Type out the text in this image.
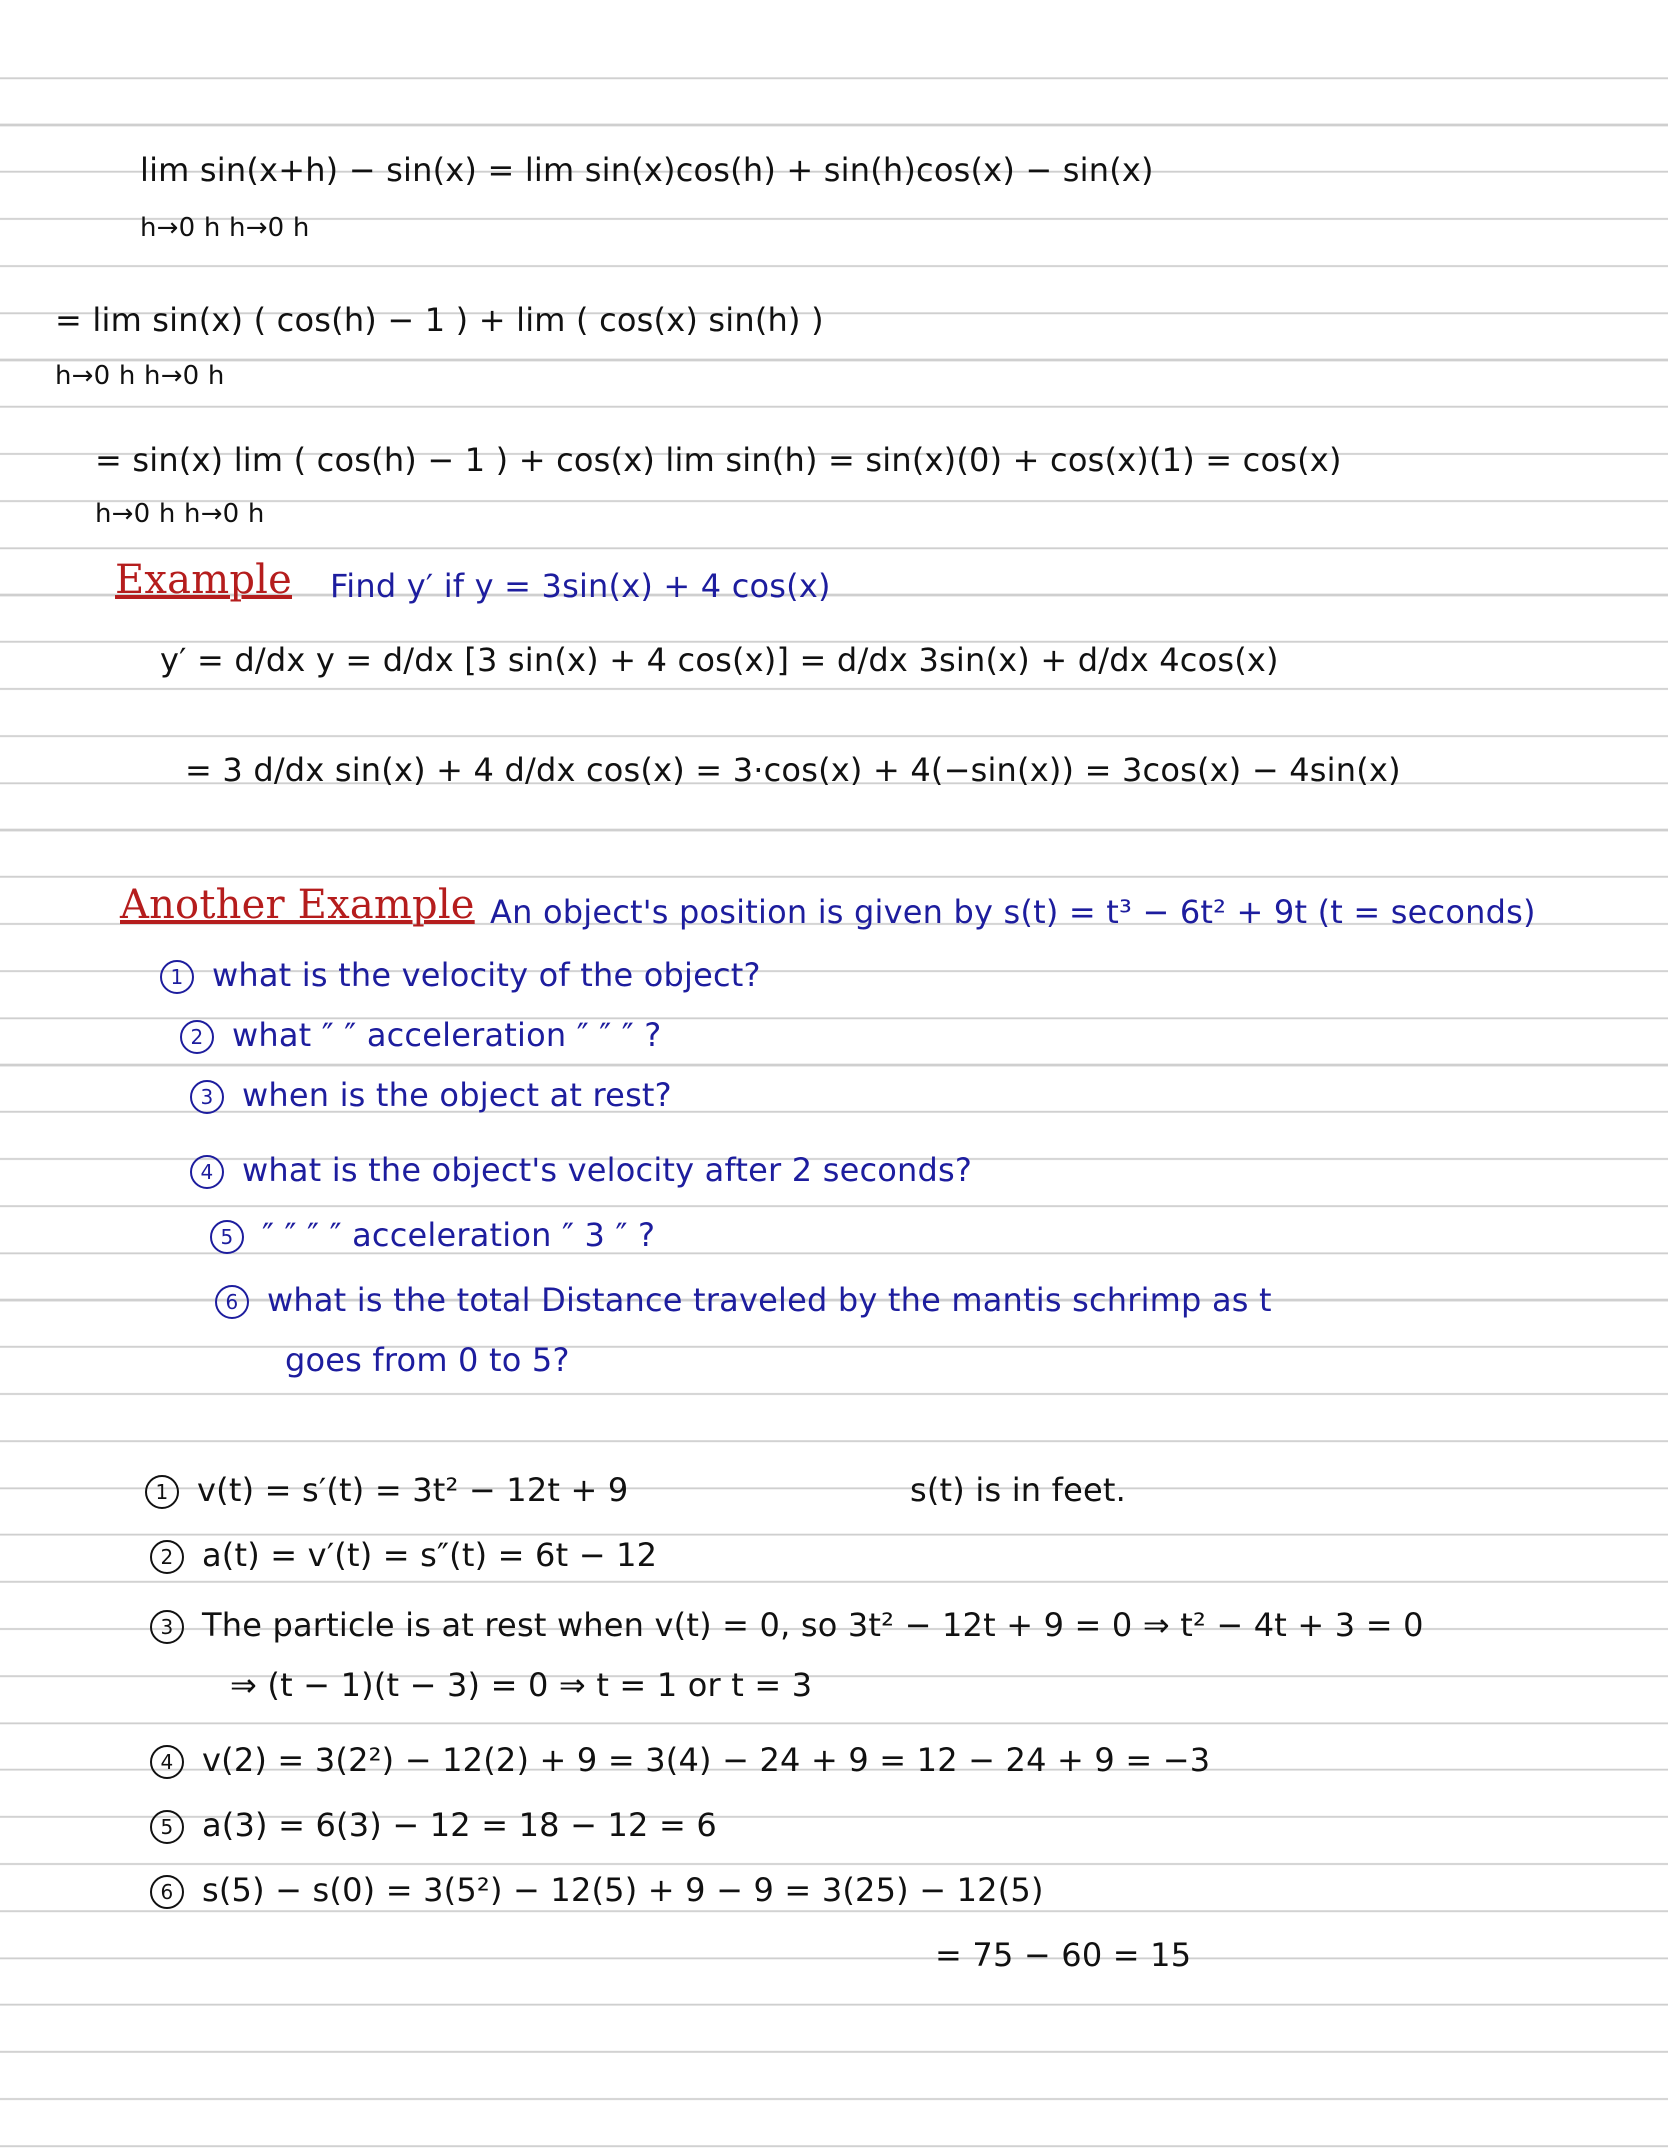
lim sin(x+h) − sin(x) = lim sin(x)cos(h) + sin(h)cos(x) − sin(x)
h→0 h h→0 h
= lim sin(x) ( cos(h) − 1 ) + lim ( cos(x) sin(h) )
h→0 h h→0 h
= sin(x) lim ( cos(h) − 1 ) + cos(x) lim sin(h) = sin(x)(0) + cos(x)(1) = cos(x)
h→0 h h→0 h
Example Find y′ if y = 3sin(x) + 4 cos(x)
y′ = d/dx y = d/dx [3 sin(x) + 4 cos(x)] = d/dx 3sin(x) + d/dx 4cos(x)
= 3 d/dx sin(x) + 4 d/dx cos(x) = 3·cos(x) + 4(−sin(x)) = 3cos(x) − 4sin(x)
Another Example An object's position is given by s(t) = t³ − 6t² + 9t (t = seconds)
1 what is the velocity of the object?
2 what ″ ″ acceleration ″ ″ ″ ?
3 when is the object at rest?
4 what is the object's velocity after 2 seconds?
5 ″ ″ ″ ″ acceleration ″ 3 ″ ?
6 what is the total Distance traveled by the mantis schrimp as t
goes from 0 to 5?
1 v(t) = s′(t) = 3t² − 12t + 9	s(t) is in feet.
2 a(t) = v′(t) = s″(t) = 6t − 12
3 The particle is at rest when v(t) = 0, so 3t² − 12t + 9 = 0 ⇒ t² − 4t + 3 = 0
⇒ (t − 1)(t − 3) = 0 ⇒ t = 1 or t = 3
4 v(2) = 3(2²) − 12(2) + 9 = 3(4) − 24 + 9 = 12 − 24 + 9 = −3
5 a(3) = 6(3) − 12 = 18 − 12 = 6
6 s(5) − s(0) = 3(5²) − 12(5) + 9 − 9 = 3(25) − 12(5)
= 75 − 60 = 15
